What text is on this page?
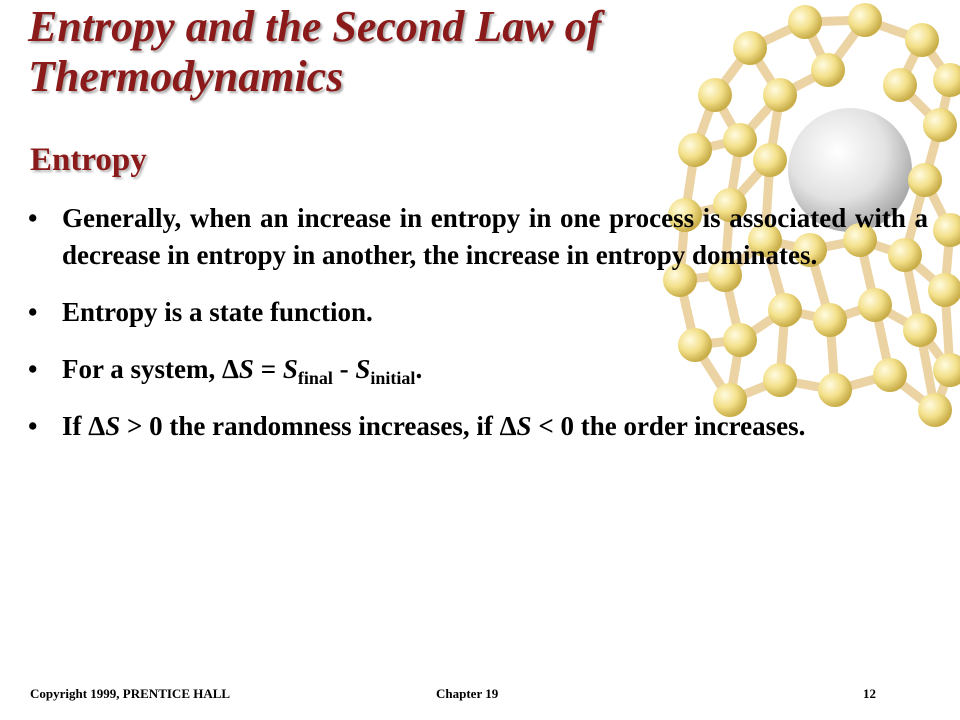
Entropy and the Second Law of Thermodynamics
Entropy
• Generally, when an increase in entropy in one process is associated with a decrease in entropy in another, the increase in entropy dominates.
• Entropy is a state function.
• For a system, $\Delta S = S_{final} - S_{initial}$.
• If ΔS > 0 the randomness increases, if ΔS < 0 the order increases.
Copyright 1999, PRENTICE HALL	Chapter 19	12
